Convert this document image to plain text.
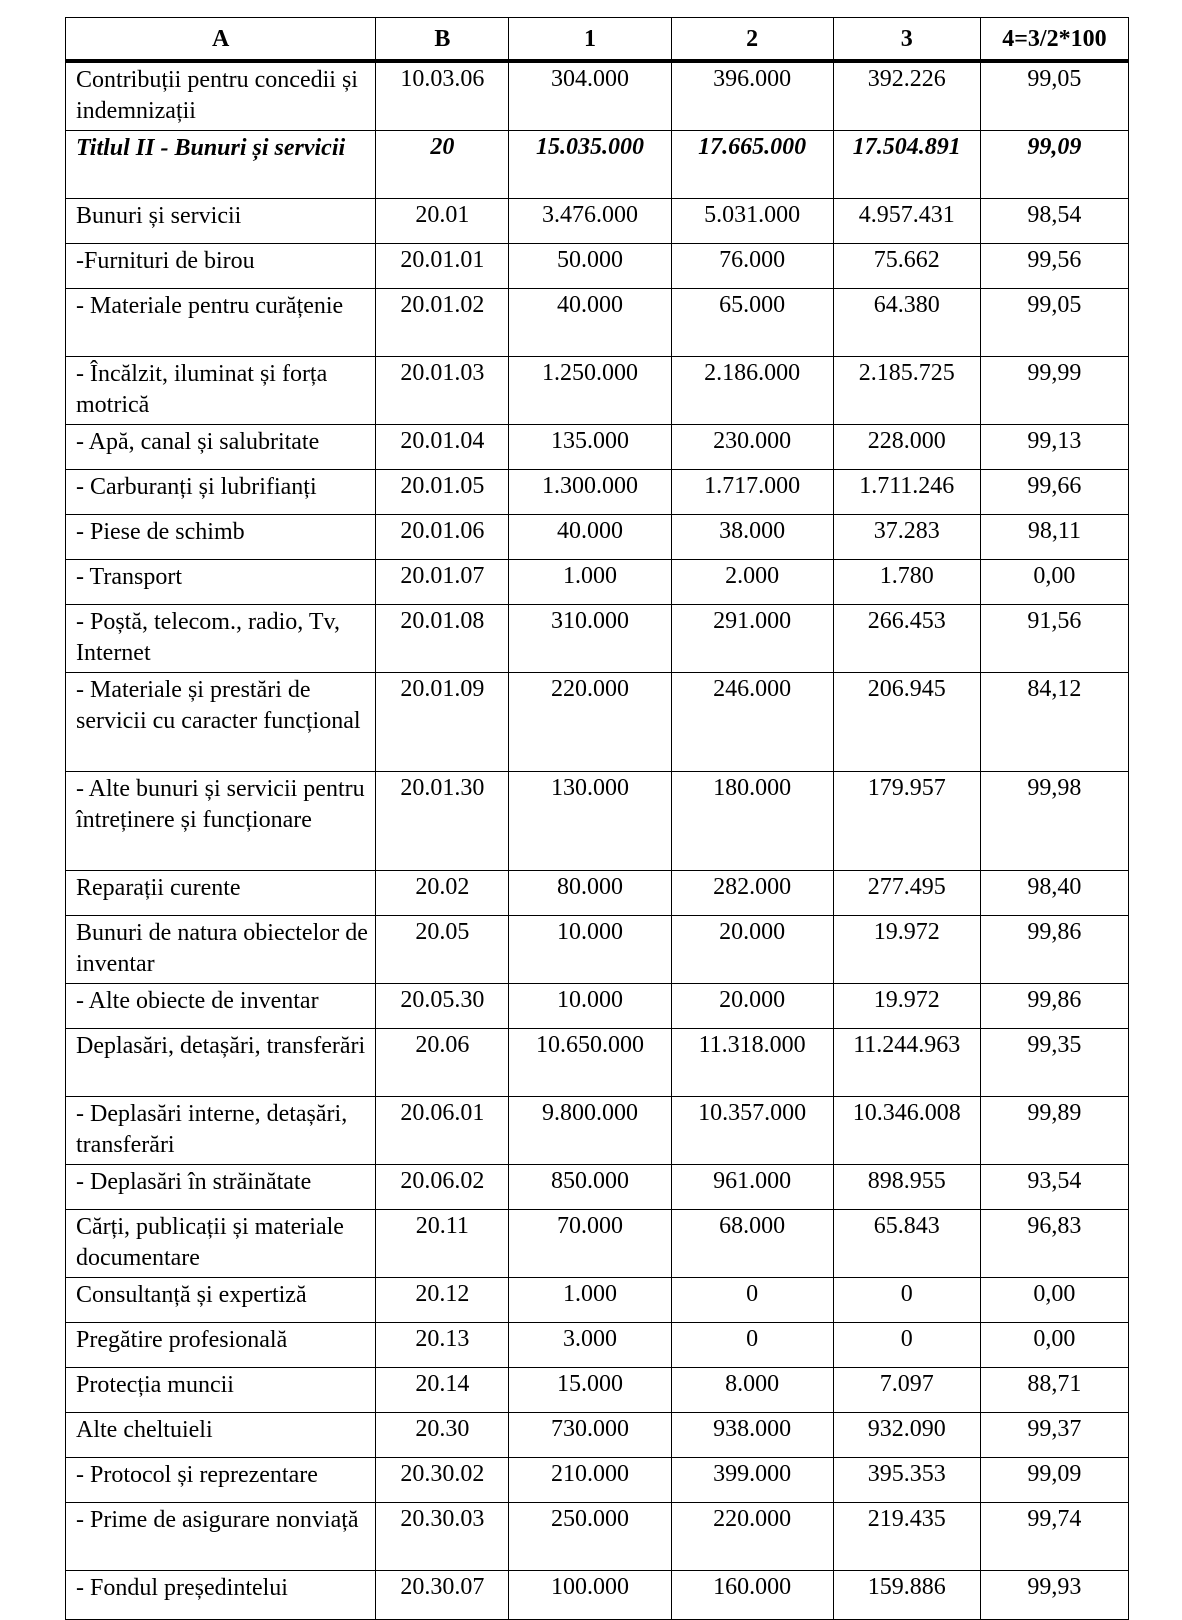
A	B	1	2	3	4=3/2*100
Contribuții pentru concedii și indemnizații	10.03.06	304.000	396.000	392.226	99,05
Titlul II - Bunuri și servicii	20	15.035.000	17.665.000	17.504.891	99,09
Bunuri și servicii	20.01	3.476.000	5.031.000	4.957.431	98,54
-Furnituri de birou	20.01.01	50.000	76.000	75.662	99,56
- Materiale pentru curățenie	20.01.02	40.000	65.000	64.380	99,05
- Încălzit, iluminat și forța motrică	20.01.03	1.250.000	2.186.000	2.185.725	99,99
- Apă, canal și salubritate	20.01.04	135.000	230.000	228.000	99,13
- Carburanți și lubrifianți	20.01.05	1.300.000	1.717.000	1.711.246	99,66
- Piese de schimb	20.01.06	40.000	38.000	37.283	98,11
- Transport	20.01.07	1.000	2.000	1.780	0,00
- Poștă, telecom., radio, Tv, Internet	20.01.08	310.000	291.000	266.453	91,56
- Materiale și prestări de servicii cu caracter funcțional	20.01.09	220.000	246.000	206.945	84,12
- Alte bunuri și servicii pentru întreținere și funcționare	20.01.30	130.000	180.000	179.957	99,98
Reparații curente	20.02	80.000	282.000	277.495	98,40
Bunuri de natura obiectelor de inventar	20.05	10.000	20.000	19.972	99,86
- Alte obiecte de inventar	20.05.30	10.000	20.000	19.972	99,86
Deplasări, detașări, transferări	20.06	10.650.000	11.318.000	11.244.963	99,35
- Deplasări interne, detașări, transferări	20.06.01	9.800.000	10.357.000	10.346.008	99,89
- Deplasări în străinătate	20.06.02	850.000	961.000	898.955	93,54
Cărți, publicații și materiale documentare	20.11	70.000	68.000	65.843	96,83
Consultanță și expertiză	20.12	1.000	0	0	0,00
Pregătire profesională	20.13	3.000	0	0	0,00
Protecția muncii	20.14	15.000	8.000	7.097	88,71
Alte cheltuieli	20.30	730.000	938.000	932.090	99,37
- Protocol și reprezentare	20.30.02	210.000	399.000	395.353	99,09
- Prime de asigurare nonviață	20.30.03	250.000	220.000	219.435	99,74
- Fondul președintelui	20.30.07	100.000	160.000	159.886	99,93
